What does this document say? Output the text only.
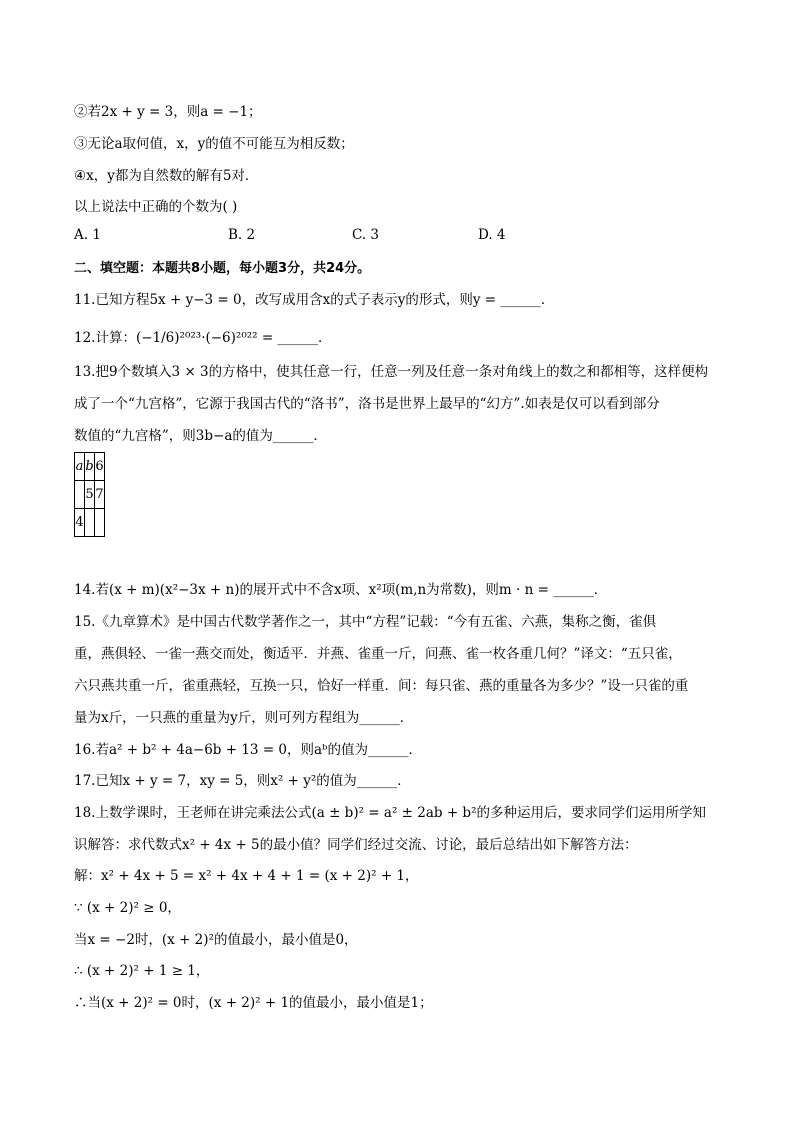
②若2x + y = 3，则a = −1；
③无论a取何值，x，y的值不可能互为相反数；
④x，y都为自然数的解有5对．
以上说法中正确的个数为( )
11.已知方程5x + y−3 = 0，改写成用含x的式子表示y的形式，则y = ______．
12.计算：(−1/6)²⁰²³·(−6)²⁰²² = ______．
13.把9个数填入3 × 3的方格中，使其任意一行，任意一列及任意一条对角线上的数之和都相等，这样便构
成了一个“九宫格”，它源于我国古代的“洛书”，洛书是世界上最早的“幻方”.如表是仅可以看到部分
数值的“九宫格”，则3b−a的值为______．
14.若(x + m)(x²−3x + n)的展开式中不含x项、x²项(m,n为常数)，则m · n = ______．
15.《九章算术》是中国古代数学著作之一，其中“方程”记载：“今有五雀、六燕，集称之衡，雀俱
重，燕俱轻、一雀一燕交而处，衡适平．并燕、雀重一斤，问燕、雀一枚各重几何？”译文：“五只雀，
六只燕共重一斤，雀重燕轻，互换一只，恰好一样重．间：每只雀、燕的重量各为多少？”设一只雀的重
量为x斤，一只燕的重量为y斤，则可列方程组为______．
16.若a² + b² + 4a−6b + 13 = 0，则aᵇ的值为______．
17.已知x + y = 7，xy = 5，则x² + y²的值为______．
18.上数学课时，王老师在讲完乘法公式(a ± b)² = a² ± 2ab + b²的多种运用后，要求同学们运用所学知
识解答：求代数式x² + 4x + 5的最小值？同学们经过交流、讨论，最后总结出如下解答方法：
解：x² + 4x + 5 = x² + 4x + 4 + 1 = (x + 2)² + 1，
∵ (x + 2)² ≥ 0，
当x = −2时，(x + 2)²的值最小，最小值是0，
∴ (x + 2)² + 1 ≥ 1，
∴当(x + 2)² = 0时，(x + 2)² + 1的值最小，最小值是1；
A. 1	B. 2	C. 3	D. 4
二、填空题：本题共8小题，每小题3分，共24分。
a	b	6
	5	7
4		
